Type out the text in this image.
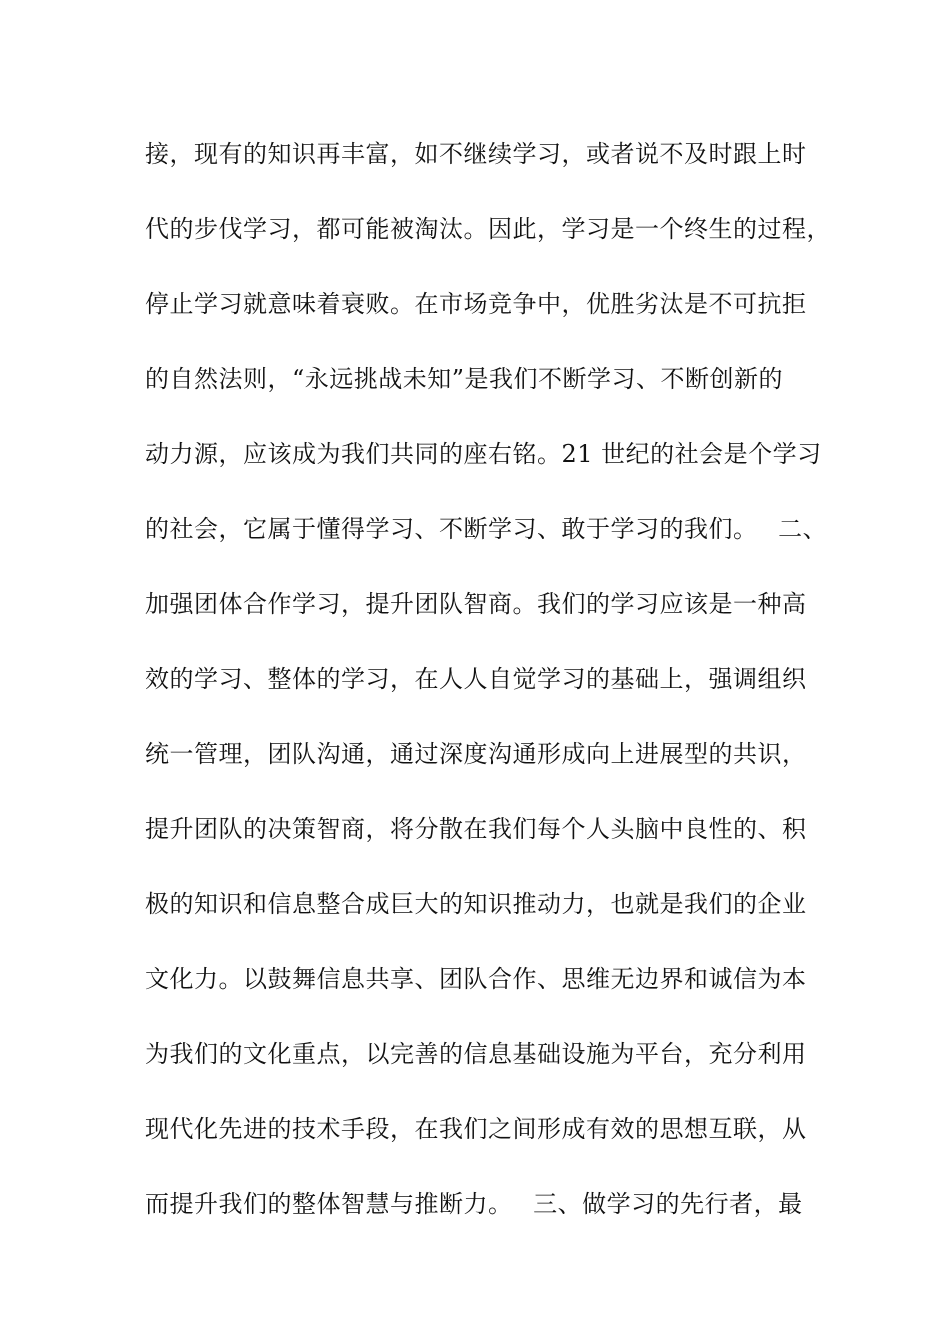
接，现有的知识再丰富，如不继续学习，或者说不及时跟上时
代的步伐学习，都可能被淘汰。因此，学习是一个终生的过程，
停止学习就意味着衰败。在市场竞争中，优胜劣汰是不可抗拒
的自然法则，“永远挑战未知”是我们不断学习、不断创新的
动力源，应该成为我们共同的座右铭。21 世纪的社会是个学习
的社会，它属于懂得学习、不断学习、敢于学习的我们。　 二、
加强团体合作学习，提升团队智商。我们的学习应该是一种高
效的学习、整体的学习，在人人自觉学习的基础上，强调组织
统一管理，团队沟通，通过深度沟通形成向上进展型的共识，
提升团队的决策智商，将分散在我们每个人头脑中良性的、积
极的知识和信息整合成巨大的知识推动力，也就是我们的企业
文化力。以鼓舞信息共享、团队合作、思维无边界和诚信为本
为我们的文化重点，以完善的信息基础设施为平台，充分利用
现代化先进的技术手段，在我们之间形成有效的思想互联，从
而提升我们的整体智慧与推断力。　 三、做学习的先行者，最
